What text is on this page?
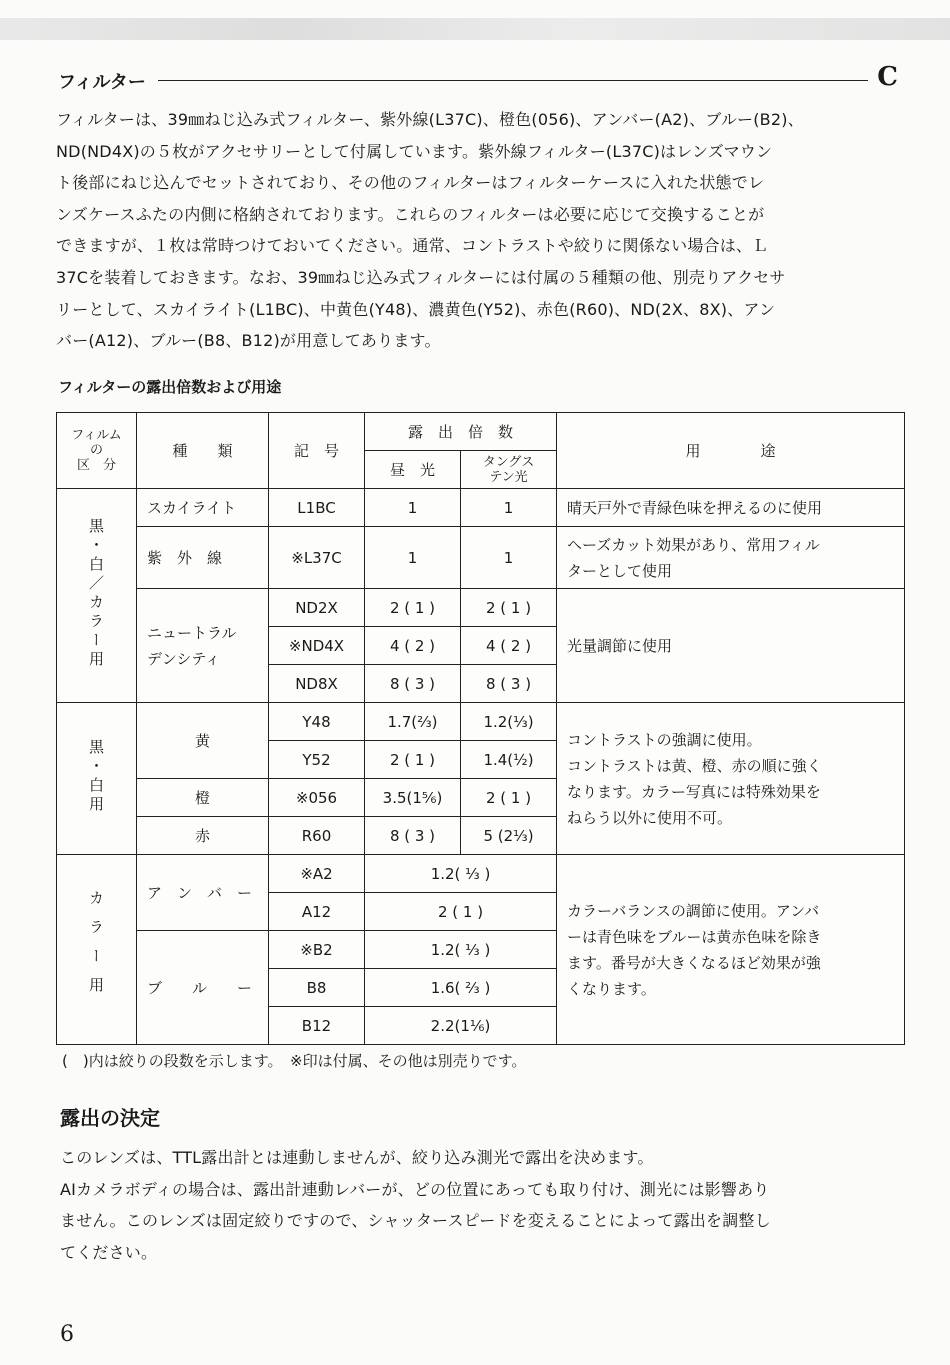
フィルター	C

フィルターは、39㎜ねじ込み式フィルター、紫外線(L37C)、橙色(056)、アンバー(A2)、ブルー(B2)、
ND(ND4X)の５枚がアクセサリーとして付属しています。紫外線フィルター(L37C)はレンズマウン
ト後部にねじ込んでセットされており、その他のフィルターはフィルターケースに入れた状態でレ
ンズケースふたの内側に格納されております。これらのフィルターは必要に応じて交換することが
できますが、１枚は常時つけておいてください。通常、コントラストや絞りに関係ない場合は、Ｌ
37Cを装着しておきます。なお、39㎜ねじ込み式フィルターには付属の５種類の他、別売りアクセサ
リーとして、スカイライト(L1BC)、中黄色(Y48)、濃黄色(Y52)、赤色(R60)、ND(2X、8X)、アン
バー(A12)、ブルー(B8、B12)が用意してあります。

フィルターの露出倍数および用途
フィルム
の
区　分	種　　類	記　号	露　出　倍　数		用　　　　途
			昼　光	タングス
テン光	
黒・白／カラー用	スカイライト	L1BC	1	1	晴天戸外で青緑色味を押えるのに使用
	紫　外　線	※L37C	1	1	ヘーズカット効果があり、常用フィル
ターとして使用
	ニュートラル
デンシティ	ND2X	2 ( 1 )	2 ( 1 )	光量調節に使用
		※ND4X	4 ( 2 )	4 ( 2 )	
		ND8X	8 ( 3 )	8 ( 3 )	
黒・白用	黄	Y48	1.7(⅔)	1.2(⅓)	コントラストの強調に使用。
コントラストは黄、橙、赤の順に強く
なります。カラー写真には特殊効果を
ねらう以外に使用不可。
		Y52	2 ( 1 )	1.4(½)	
	橙	※056	3.5(1⅚)	2 ( 1 )	
	赤	R60	8 ( 3 )	5 (2⅓)	
カラー用	ア　ン　バ　ー	※A2	1.2( ⅓ )		カラーバランスの調節に使用。アンバ
ーは青色味をブルーは黄赤色味を除き
ます。番号が大きくなるほど効果が強
くなります。
		A12	2 ( 1 )		
	ブ　　ル　　ー	※B2	1.2( ⅓ )		
		B8	1.6( ⅔ )		
		B12	2.2(1⅙)		
(　)内は絞りの段数を示します。　※印は付属、その他は別売りです。
露出の決定

このレンズは、TTL露出計とは連動しませんが、絞り込み測光で露出を決めます。
AIカメラボディの場合は、露出計連動レバーが、どの位置にあっても取り付け、測光には影響あり
ません。このレンズは固定絞りですので、シャッタースピードを変えることによって露出を調整し
てください。

6
